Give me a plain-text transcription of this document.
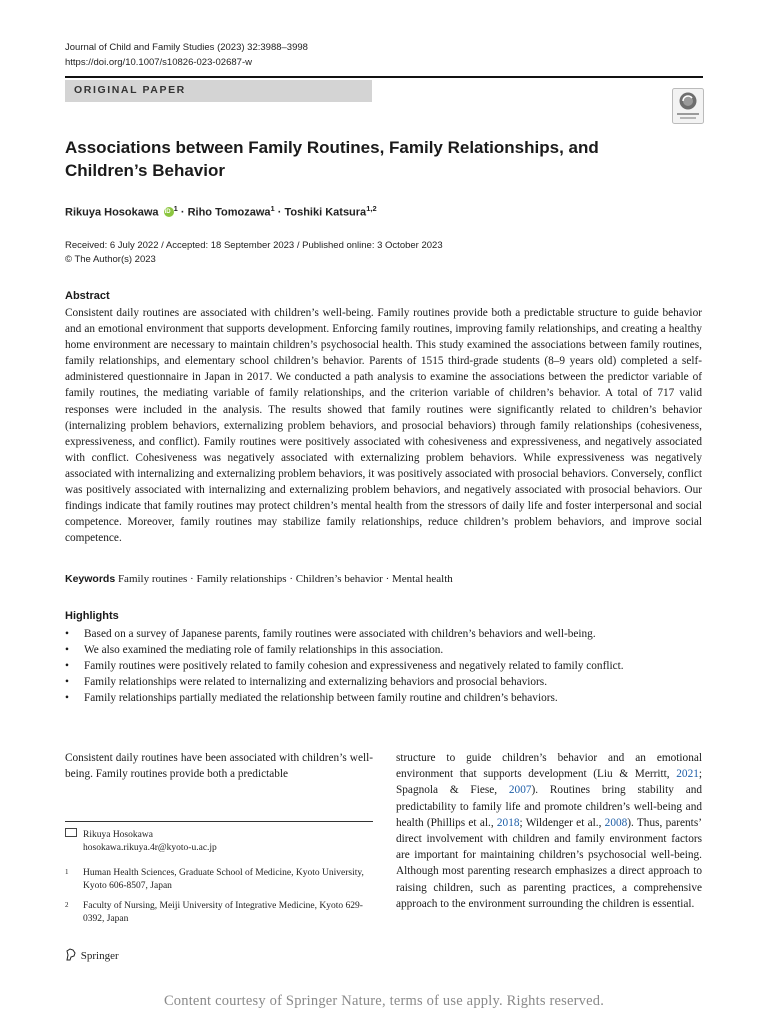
Journal of Child and Family Studies (2023) 32:3988–3998
https://doi.org/10.1007/s10826-023-02687-w
ORIGINAL PAPER
Associations between Family Routines, Family Relationships, and Children’s Behavior
Rikuya Hosokawa iD $^1$ · Riho Tomozawa$^1$ · Toshiki Katsura$^{1,2}$
Received: 6 July 2022 / Accepted: 18 September 2023 / Published online: 3 October 2023
© The Author(s) 2023
Abstract

Consistent daily routines are associated with children’s well-being. Family routines provide both a predictable structure to guide behavior and an emotional environment that supports development. Enforcing family routines, improving family relationships, and creating a healthy home environment are necessary to maintain children’s psychosocial health. This study examined the associations between family routines, family relationships, and elementary school children’s behavior. Parents of 1515 third-grade students (8–9 years old) completed a self-administered questionnaire in Japan in 2017. We conducted a path analysis to examine the associations between the predictor variable of family routines, the mediating variable of family relationships, and the criterion variable of children’s behavior. A total of 717 valid responses were included in the analysis. The results showed that family routines were significantly related to children’s behavior (internalizing problem behaviors, externalizing problem behaviors, and prosocial behaviors) through family relationships (cohesiveness, expressiveness, and conflict). Family routines were positively associated with cohesiveness and expressiveness, and negatively associated with conflict. Cohesiveness was negatively associated with externalizing problem behaviors. While expressiveness was negatively associated with internalizing and externalizing problem behaviors, it was positively associated with prosocial behaviors. Conversely, conflict was positively associated with internalizing and externalizing problem behaviors, and negatively associated with prosocial behaviors. Our findings indicate that family routines may protect children’s mental health from the stressors of daily life and foster interpersonal and social competence. Moreover, family routines may stabilize family relationships, reduce children’s problem behaviors, and improve social competence.

Keywords Family routines · Family relationships · Children’s behavior · Mental health
Highlights
• Based on a survey of Japanese parents, family routines were associated with children’s behaviors and well-being.
• We also examined the mediating role of family relationships in this association.
• Family routines were positively related to family cohesion and expressiveness and negatively related to family conflict.
• Family relationships were related to internalizing and externalizing behaviors and prosocial behaviors.
• Family relationships partially mediated the relationship between family routine and children’s behaviors.

Consistent daily routines have been associated with children’s well-being. Family routines provide both a predictable

structure to guide children’s behavior and an emotional environment that supports development (Liu & Merritt, 2021; Spagnola & Fiese, 2007). Routines bring stability and predictability to family life and promote children’s well-being and health (Phillips et al., 2018; Wildenger et al., 2008). Thus, parents’ direct involvement with children and family environment factors are important for maintaining children’s psychosocial well-being. Although most parenting research emphasizes a direct approach to raising children, such as parenting practices, a comprehensive approach to the environment surrounding the children is essential.

Rikuya Hosokawa
hosokawa.rikuya.4r@kyoto-u.ac.jp
1	Human Health Sciences, Graduate School of Medicine, Kyoto University, Kyoto 606-8507, Japan
2	Faculty of Nursing, Meiji University of Integrative Medicine, Kyoto 629-0392, Japan
Springer
Content courtesy of Springer Nature, terms of use apply. Rights reserved.
